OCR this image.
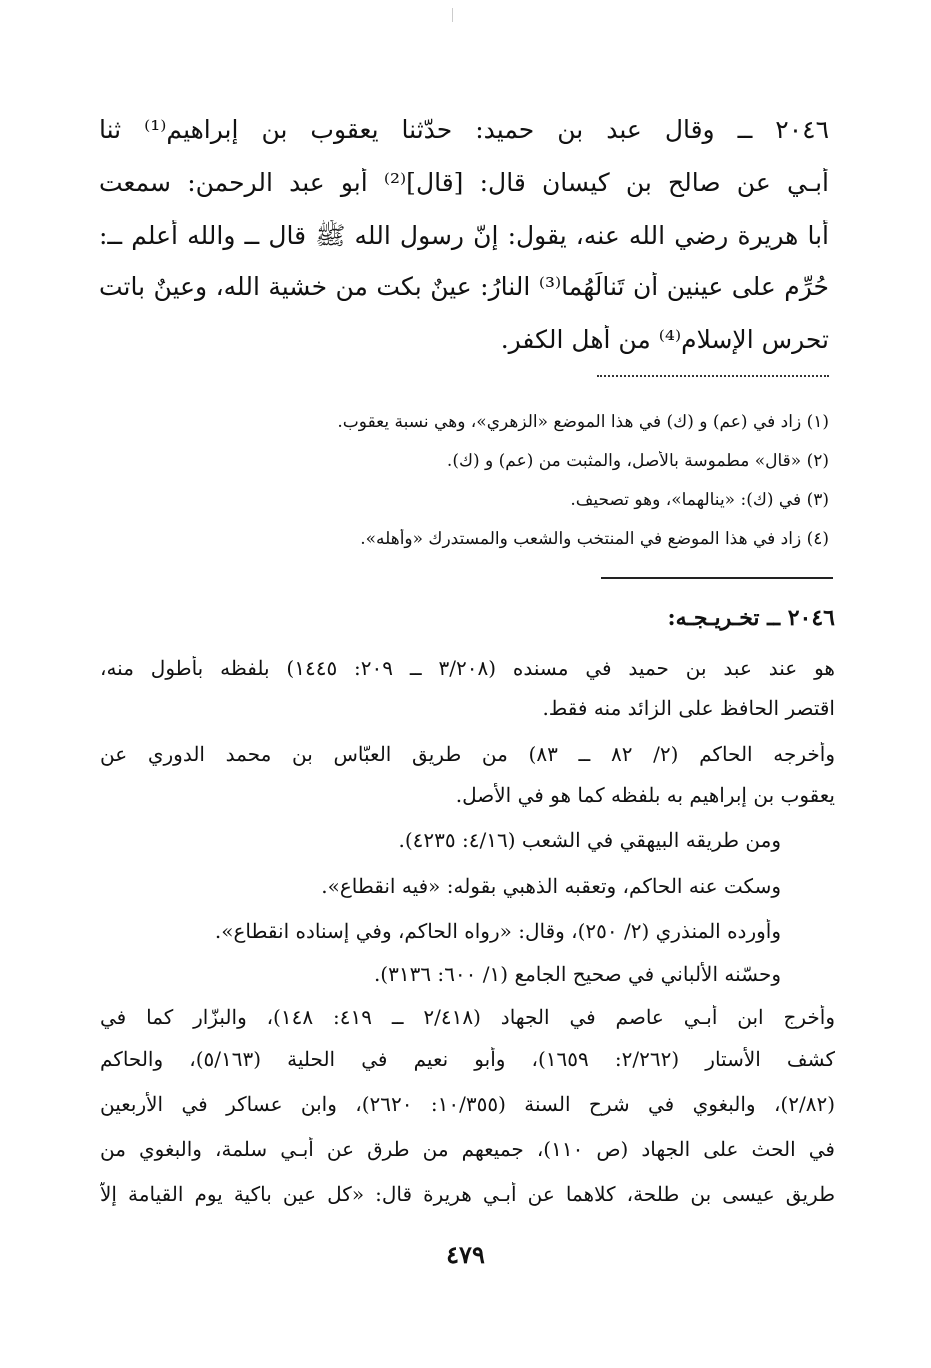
٢٠٤٦ ــ وقال عبد بن حميد: حدّثنا يعقوب بن إبراهيم⁽¹⁾ ثنا
أبـي عن صالح بن كيسان قال: [قال]⁽²⁾ أبو عبد الرحمن: سمعت
أبا هريرة رضي الله عنه، يقول: إنّ رسول الله ﷺ قال ــ والله أعلم ــ:
حُرِّم على عينين أن تَنالَهُما⁽³⁾ النارُ: عينٌ بكت من خشية الله، وعينٌ باتت
تحرس الإسلام⁽⁴⁾ من أهل الكفر.
(١) زاد في (عم) و (ك) في هذا الموضع «الزهري»، وهي نسبة يعقوب.
(٢) «قال» مطموسة بالأصل، والمثبت من (عم) و (ك).
(٣) في (ك): «ينالهما»، وهو تصحيف.
(٤) زاد في هذا الموضع في المنتخب والشعب والمستدرك «وأهله».
٢٠٤٦ ــ تخـريـجـه:
هو عند عبد بن حميد في مسنده (٣/٢٠٨ ــ ٢٠٩: ١٤٤٥) بلفظه بأطول منه،
اقتصر الحافظ على الزائد منه فقط.
وأخرجه الحاكم (٢/ ٨٢ ــ ٨٣) من طريق العبّاس بن محمد الدوري عن
يعقوب بن إبراهيم به بلفظه كما هو في الأصل.
ومن طريقه البيهقي في الشعب (٤/١٦: ٤٢٣٥).
وسكت عنه الحاكم، وتعقبه الذهبي بقوله: «فيه انقطاع».
وأورده المنذري (٢/ ٢٥٠)، وقال: «رواه الحاكم، وفي إسناده انقطاع».
وحسّنه الألباني في صحيح الجامع (١/ ٦٠٠: ٣١٣٦).
وأخرج ابن أبـي عاصم في الجهاد (٢/٤١٨ ــ ٤١٩: ١٤٨)، والبزّار كما في
كشف الأستار (٢/٢٦٢: ١٦٥٩)، وأبو نعيم في الحلية (٥/١٦٣)، والحاكم
(٢/٨٢)، والبغوي في شرح السنة (١٠/٣٥٥: ٢٦٢٠)، وابن عساكر في الأربعين
في الحث على الجهاد (ص ١١٠)، جميعهم من طرق عن أبـي سلمة، والبغوي من
طريق عيسى بن طلحة، كلاهما عن أبـي هريرة قال: «كل عين باكية يوم القيامة إلاّ
٤٧٩
